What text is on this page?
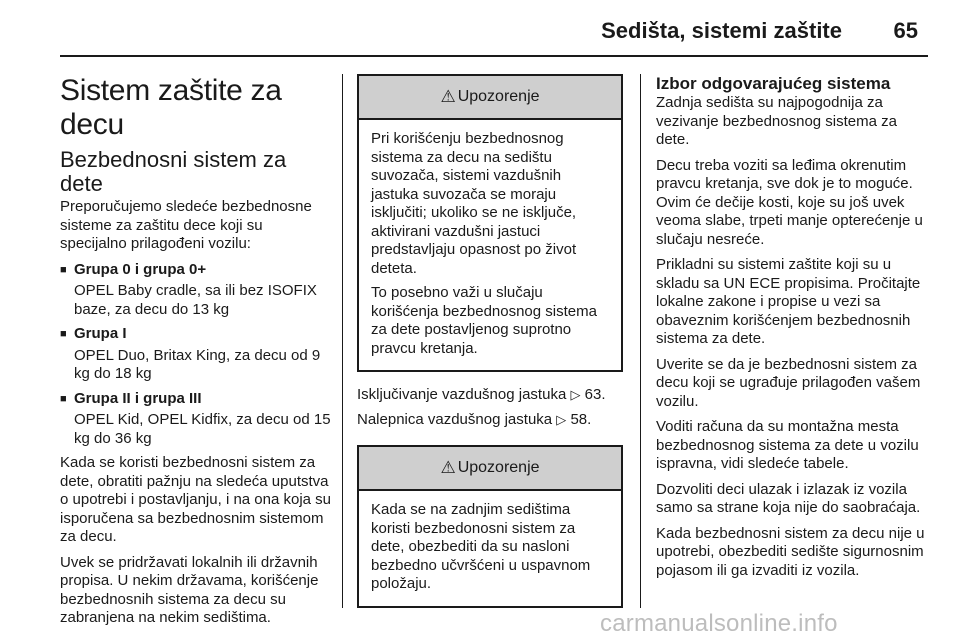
Sedišta, sistemi zaštite 65
Sistem zaštite za decu
Bezbednosni sistem za dete

Preporučujemo sledeće bezbednosne sisteme za zaštitu dece koji su specijalno prilagođeni vozilu:

■ Grupa 0 i grupa 0+
OPEL Baby cradle, sa ili bez ISOFIX baze, za decu do 13 kg
■ Grupa I
OPEL Duo, Britax King, za decu od 9 kg do 18 kg
■ Grupa II i grupa III
OPEL Kid, OPEL Kidfix, za decu od 15 kg do 36 kg

Kada se koristi bezbednosni sistem za dete, obratiti pažnju na sledeća uputstva o upotrebi i postavljanju, i na ona koja su isporučena sa bezbednosnim sistemom za decu.

Uvek se pridržavati lokalnih ili državnih propisa. U nekim državama, korišćenje bezbednosnih sistema za decu su zabranjena na nekim sedištima.

⚠ Upozorenje

Pri korišćenju bezbednosnog sistema za decu na sedištu suvozača, sistemi vazdušnih jastuka suvozača se moraju isključiti; ukoliko se ne isključe, aktivirani vazdušni jastuci predstavljaju opasnost po život deteta.

To posebno važi u slučaju korišćenja bezbednosnog sistema za dete postavljenog suprotno pravcu kretanja.

Isključivanje vazdušnog jastuka ▷ 63.

Nalepnica vazdušnog jastuka ▷ 58.

⚠ Upozorenje

Kada se na zadnjim sedištima koristi bezbedonosni sistem za dete, obezbediti da su nasloni bezbedno učvršćeni u uspavnom položaju.

Izbor odgovarajućeg sistema

Zadnja sedišta su najpogodnija za vezivanje bezbednosnog sistema za dete.

Decu treba voziti sa leđima okrenutim pravcu kretanja, sve dok je to moguće. Ovim će dečije kosti, koje su još uvek veoma slabe, trpeti manje opterećenje u slučaju nesreće.

Prikladni su sistemi zaštite koji su u skladu sa UN ECE propisima. Pročitajte lokalne zakone i propise u vezi sa obaveznim korišćenjem bezbednosnih sistema za dete.

Uverite se da je bezbednosni sistem za decu koji se ugrađuje prilagođen vašem vozilu.

Voditi računa da su montažna mesta bezbednosnog sistema za dete u vozilu ispravna, vidi sledeće tabele.

Dozvoliti deci ulazak i izlazak iz vozila samo sa strane koja nije do saobraćaja.

Kada bezbednosni sistem za decu nije u upotrebi, obezbediti sedište sigurnosnim pojasom ili ga izvaditi iz vozila.

carmanualsonline.info
